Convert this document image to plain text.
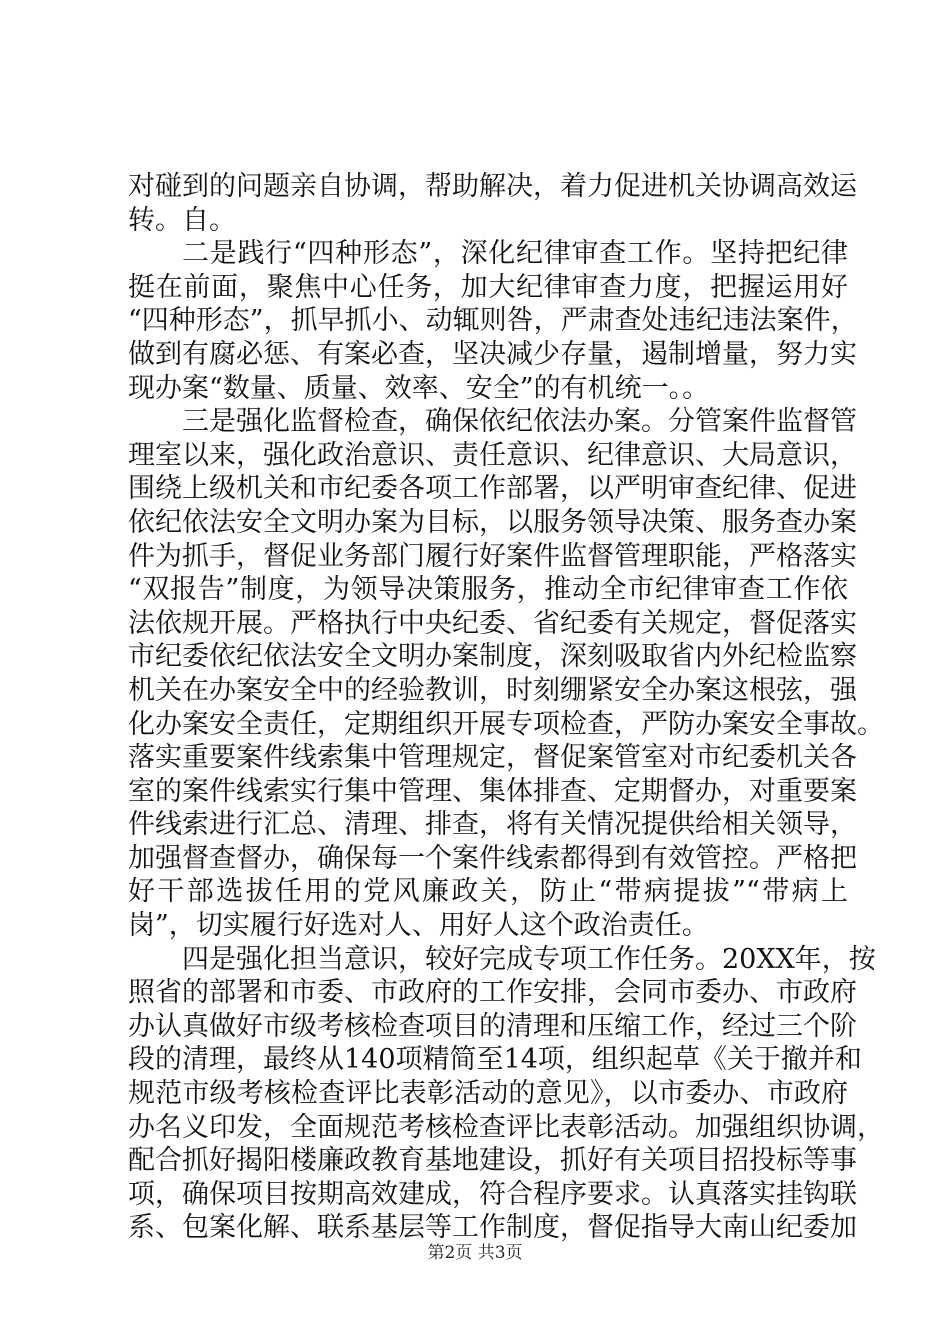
对碰到的问题亲自协调，帮助解决，着力促进机关协调高效运
转。自。
二是践行“四种形态”，深化纪律审查工作。坚持把纪律
挺在前面，聚焦中心任务，加大纪律审查力度，把握运用好
“四种形态”，抓早抓小、动辄则咎，严肃查处违纪违法案件，
做到有腐必惩、有案必查，坚决减少存量，遏制增量，努力实
现办案“数量、质量、效率、安全”的有机统一。。
三是强化监督检查，确保依纪依法办案。分管案件监督管
理室以来，强化政治意识、责任意识、纪律意识、大局意识，
围绕上级机关和市纪委各项工作部署，以严明审查纪律、促进
依纪依法安全文明办案为目标，以服务领导决策、服务查办案
件为抓手，督促业务部门履行好案件监督管理职能，严格落实
“双报告”制度，为领导决策服务，推动全市纪律审查工作依
法依规开展。严格执行中央纪委、省纪委有关规定，督促落实
市纪委依纪依法安全文明办案制度，深刻吸取省内外纪检监察
机关在办案安全中的经验教训，时刻绷紧安全办案这根弦，强
化办案安全责任，定期组织开展专项检查，严防办案安全事故。
落实重要案件线索集中管理规定，督促案管室对市纪委机关各
室的案件线索实行集中管理、集体排查、定期督办，对重要案
件线索进行汇总、清理、排查，将有关情况提供给相关领导，
加强督查督办，确保每一个案件线索都得到有效管控。严格把
好干部选拔任用的党风廉政关，防止“带病提拔”“带病上
岗”，切实履行好选对人、用好人这个政治责任。
四是强化担当意识，较好完成专项工作任务。20XX年，按
照省的部署和市委、市政府的工作安排，会同市委办、市政府
办认真做好市级考核检查项目的清理和压缩工作，经过三个阶
段的清理，最终从140项精简至14项，组织起草《关于撤并和
规范市级考核检查评比表彰活动的意见》，以市委办、市政府
办名义印发，全面规范考核检查评比表彰活动。加强组织协调，
配合抓好揭阳楼廉政教育基地建设，抓好有关项目招投标等事
项，确保项目按期高效建成，符合程序要求。认真落实挂钩联
系、包案化解、联系基层等工作制度，督促指导大南山纪委加
第2页 共3页
